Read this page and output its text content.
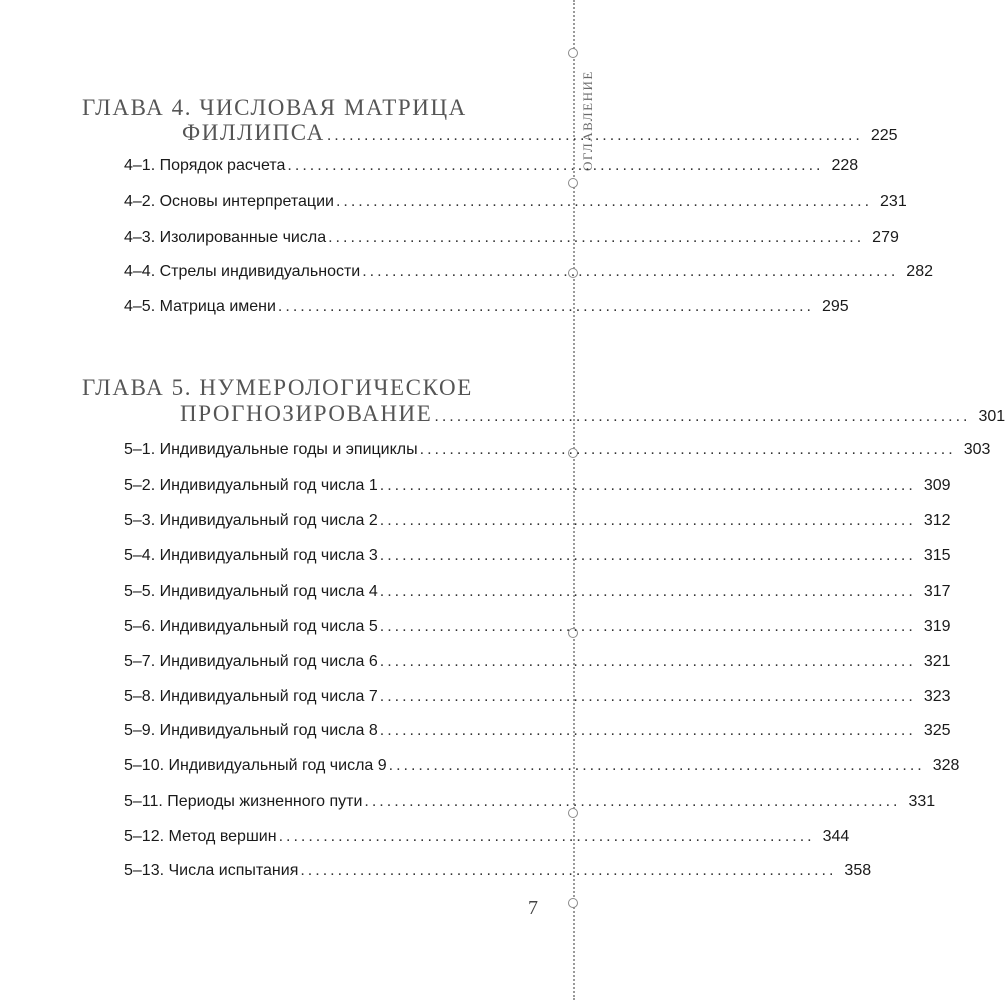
ОГЛАВЛЕНИЕ
ГЛАВА 4. ЧИСЛОВАЯ МАТРИЦА
ФИЛЛИПСА ........................................................................ 225
4–1. Порядок расчета ........................................................................ 228
4–2. Основы интерпретации ........................................................................ 231
4–3. Изолированные числа ........................................................................ 279
4–4. Стрелы индивидуальности ........................................................................ 282
4–5. Матрица имени ........................................................................ 295
ГЛАВА 5. НУМЕРОЛОГИЧЕСКОЕ
ПРОГНОЗИРОВАНИЕ ........................................................................ 301
5–1. Индивидуальные годы и эпициклы ........................................................................ 303
5–2. Индивидуальный год числа 1 ........................................................................ 309
5–3. Индивидуальный год числа 2 ........................................................................ 312
5–4. Индивидуальный год числа 3 ........................................................................ 315
5–5. Индивидуальный год числа 4 ........................................................................ 317
5–6. Индивидуальный год числа 5 ........................................................................ 319
5–7. Индивидуальный год числа 6 ........................................................................ 321
5–8. Индивидуальный год числа 7 ........................................................................ 323
5–9. Индивидуальный год числа 8 ........................................................................ 325
5–10. Индивидуальный год числа 9 ........................................................................ 328
5–11. Периоды жизненного пути ........................................................................ 331
5–12. Метод вершин ........................................................................ 344
5–13. Числа испытания ........................................................................ 358
7
